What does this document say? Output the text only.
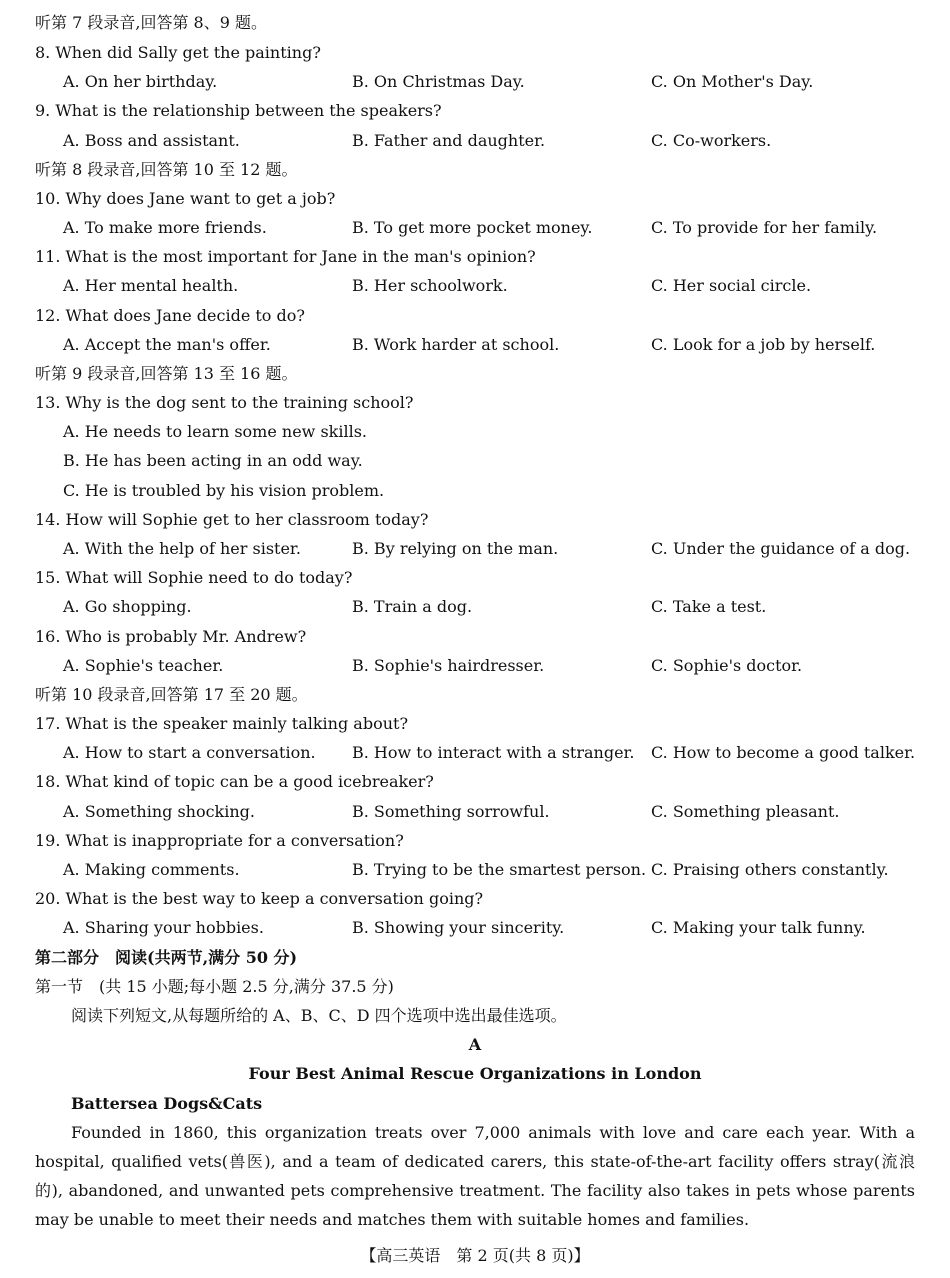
听第 7 段录音,回答第 8、9 题。
8. When did Sally get the painting?
A. On her birthday.	B. On Christmas Day.	C. On Mother's Day.
9. What is the relationship between the speakers?
A. Boss and assistant.	B. Father and daughter.	C. Co-workers.
听第 8 段录音,回答第 10 至 12 题。
10. Why does Jane want to get a job?
A. To make more friends.	B. To get more pocket money.	C. To provide for her family.
11. What is the most important for Jane in the man's opinion?
A. Her mental health.	B. Her schoolwork.	C. Her social circle.
12. What does Jane decide to do?
A. Accept the man's offer.	B. Work harder at school.	C. Look for a job by herself.
听第 9 段录音,回答第 13 至 16 题。
13. Why is the dog sent to the training school?
A. He needs to learn some new skills.
B. He has been acting in an odd way.
C. He is troubled by his vision problem.
14. How will Sophie get to her classroom today?
A. With the help of her sister.	B. By relying on the man.	C. Under the guidance of a dog.
15. What will Sophie need to do today?
A. Go shopping.	B. Train a dog.	C. Take a test.
16. Who is probably Mr. Andrew?
A. Sophie's teacher.	B. Sophie's hairdresser.	C. Sophie's doctor.
听第 10 段录音,回答第 17 至 20 题。
17. What is the speaker mainly talking about?
A. How to start a conversation. B. How to interact with a stranger. C. How to become a good talker.
18. What kind of topic can be a good icebreaker?
A. Something shocking.	B. Something sorrowful.	C. Something pleasant.
19. What is inappropriate for a conversation?
A. Making comments.	B. Trying to be the smartest person. C. Praising others constantly.
20. What is the best way to keep a conversation going?
A. Sharing your hobbies.	B. Showing your sincerity.	C. Making your talk funny.
第二部分　阅读(共两节,满分 50 分)
第一节　(共 15 小题;每小题 2.5 分,满分 37.5 分)
阅读下列短文,从每题所给的 A、B、C、D 四个选项中选出最佳选项。
A
Four Best Animal Rescue Organizations in London
Battersea Dogs&Cats
Founded in 1860, this organization treats over 7,000 animals with love and care each year. With a hospital, qualified vets(兽医), and a team of dedicated carers, this state-of-the-art facility offers stray(流浪的), abandoned, and unwanted pets comprehensive treatment. The facility also takes in pets whose parents may be unable to meet their needs and matches them with suitable homes and families.
【高三英语　第 2 页(共 8 页)】
